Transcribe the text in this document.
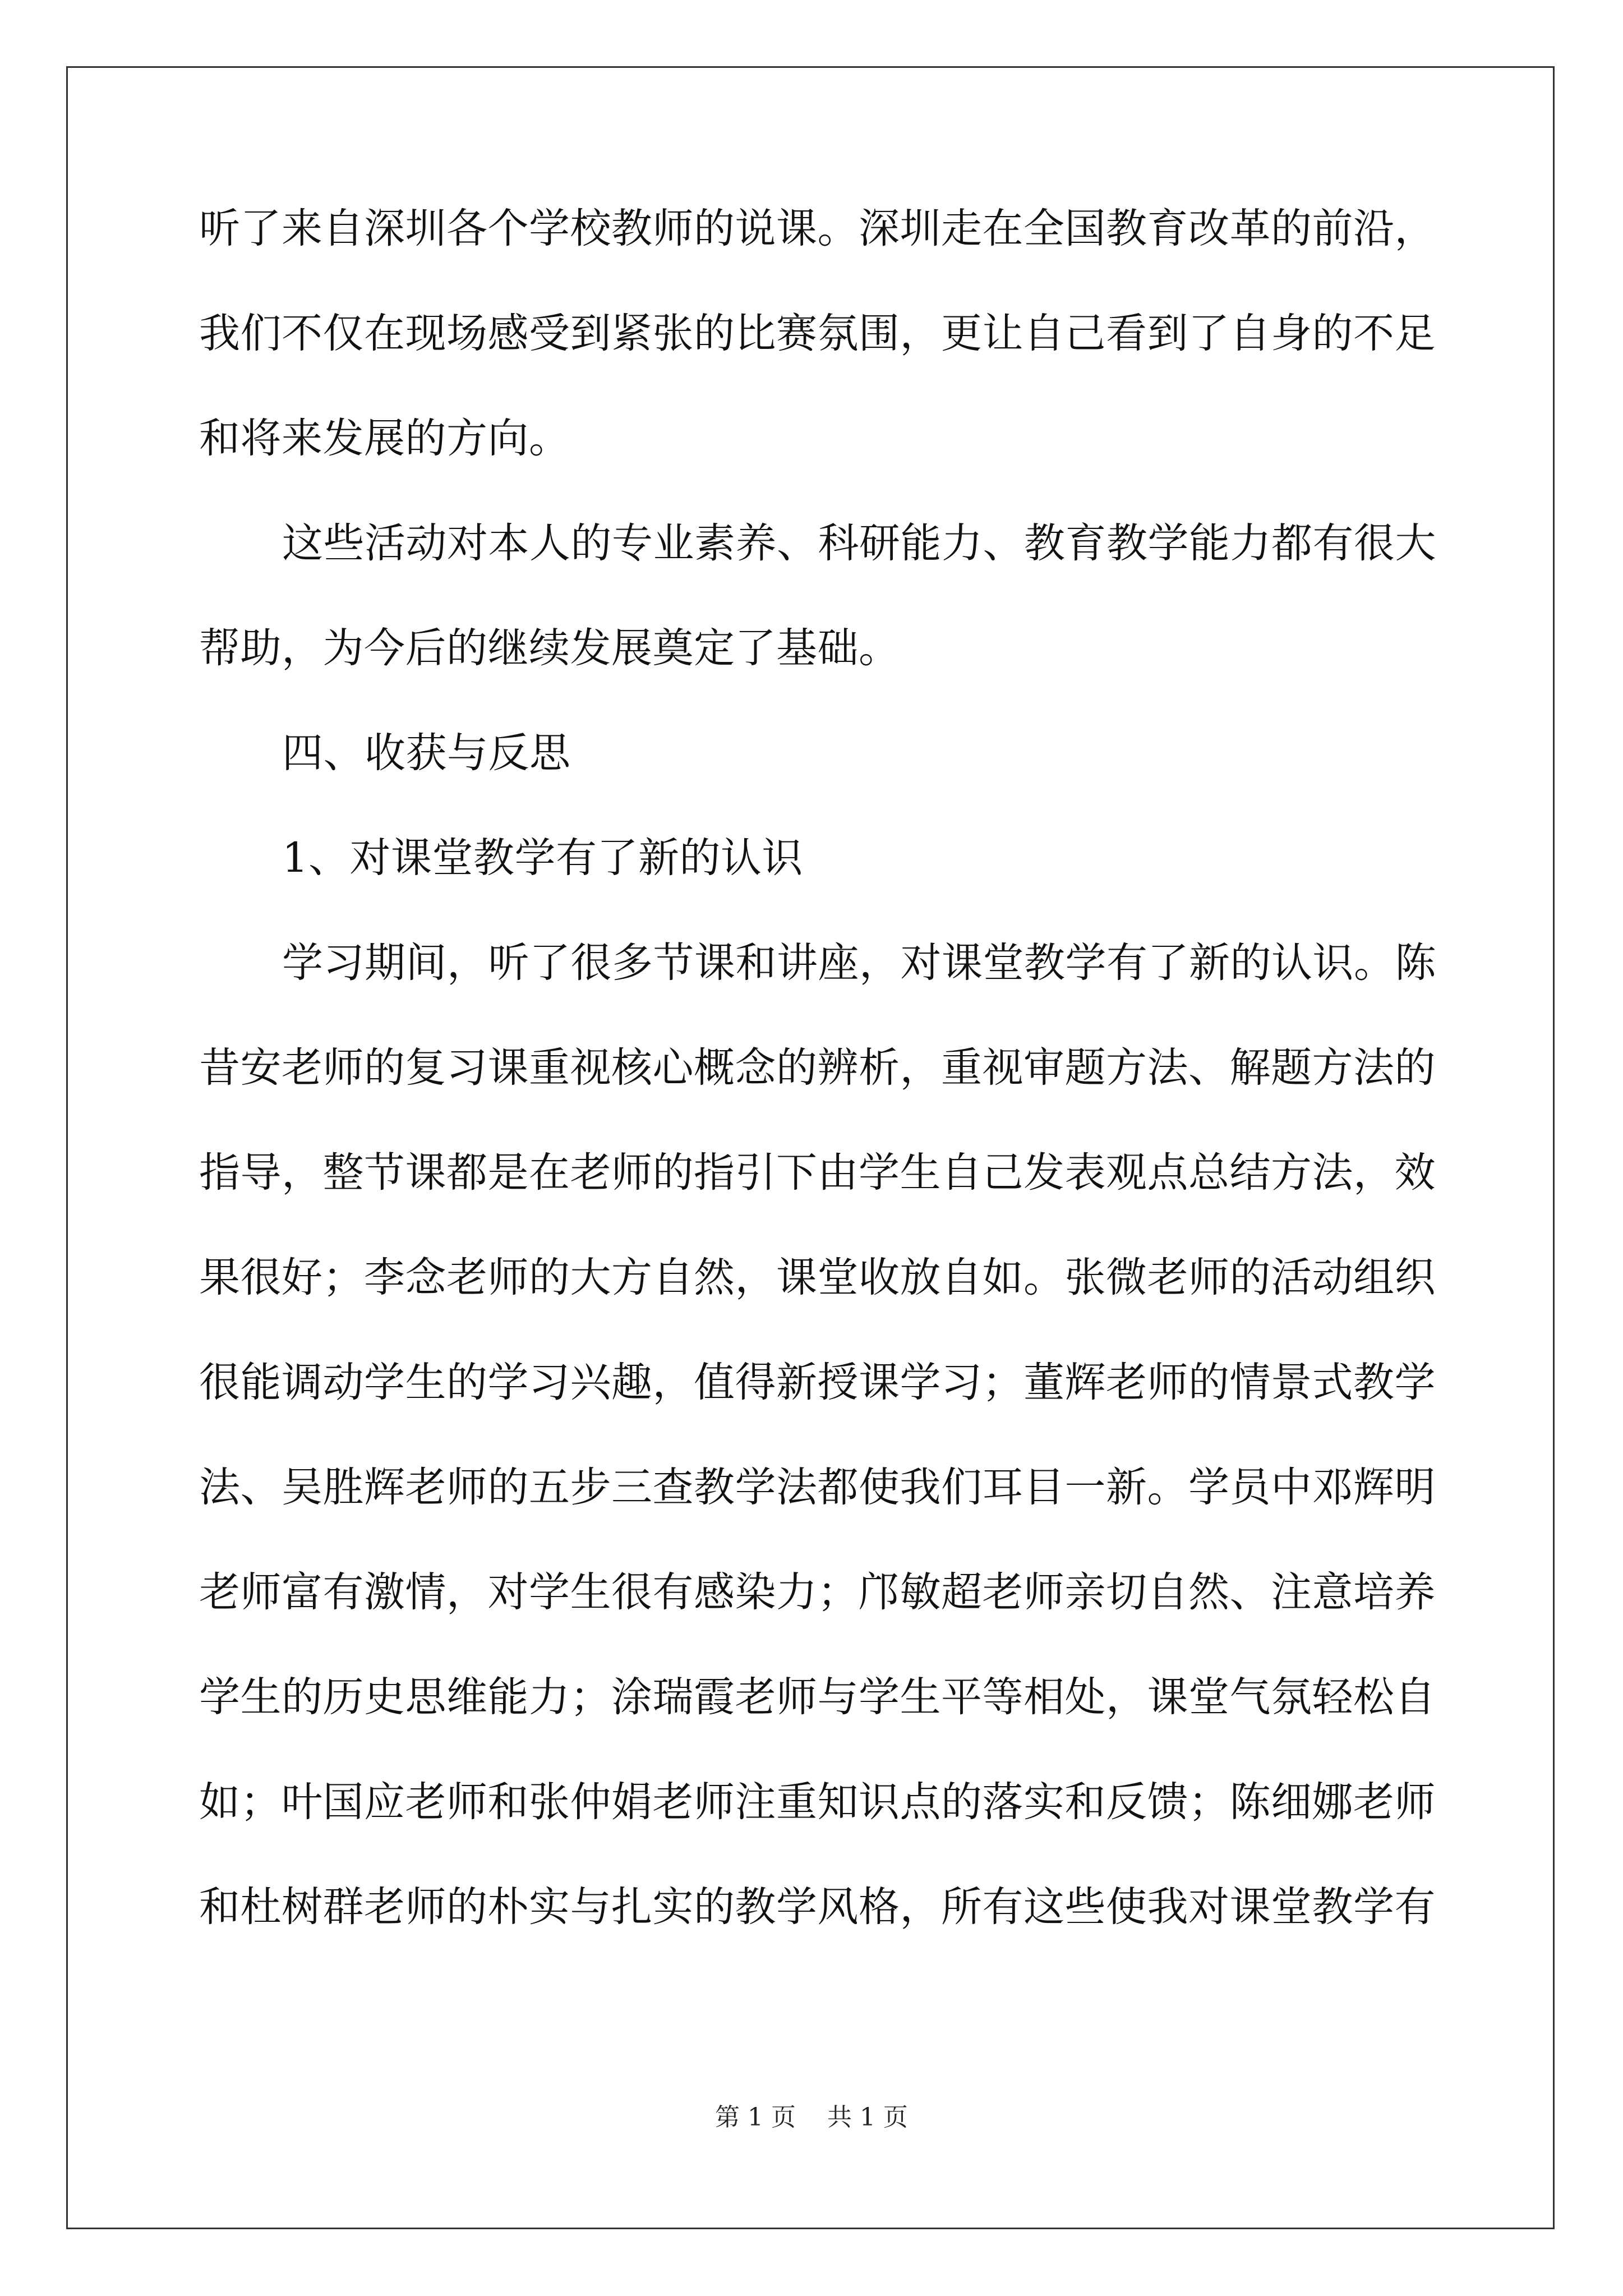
听了来自深圳各个学校教师的说课。深圳走在全国教育改革的前沿，
我们不仅在现场感受到紧张的比赛氛围，更让自己看到了自身的不足
和将来发展的方向。
这些活动对本人的专业素养、科研能力、教育教学能力都有很大
帮助，为今后的继续发展奠定了基础。
四、收获与反思
1、对课堂教学有了新的认识
学习期间，听了很多节课和讲座，对课堂教学有了新的认识。陈
昔安老师的复习课重视核心概念的辨析，重视审题方法、解题方法的
指导，整节课都是在老师的指引下由学生自己发表观点总结方法，效
果很好；李念老师的大方自然，课堂收放自如。张微老师的活动组织
很能调动学生的学习兴趣，值得新授课学习；董辉老师的情景式教学
法、吴胜辉老师的五步三查教学法都使我们耳目一新。学员中邓辉明
老师富有激情，对学生很有感染力；邝敏超老师亲切自然、注意培养
学生的历史思维能力；涂瑞霞老师与学生平等相处，课堂气氛轻松自
如；叶国应老师和张仲娟老师注重知识点的落实和反馈；陈细娜老师
和杜树群老师的朴实与扎实的教学风格，所有这些使我对课堂教学有
第 1 页    共 1 页
